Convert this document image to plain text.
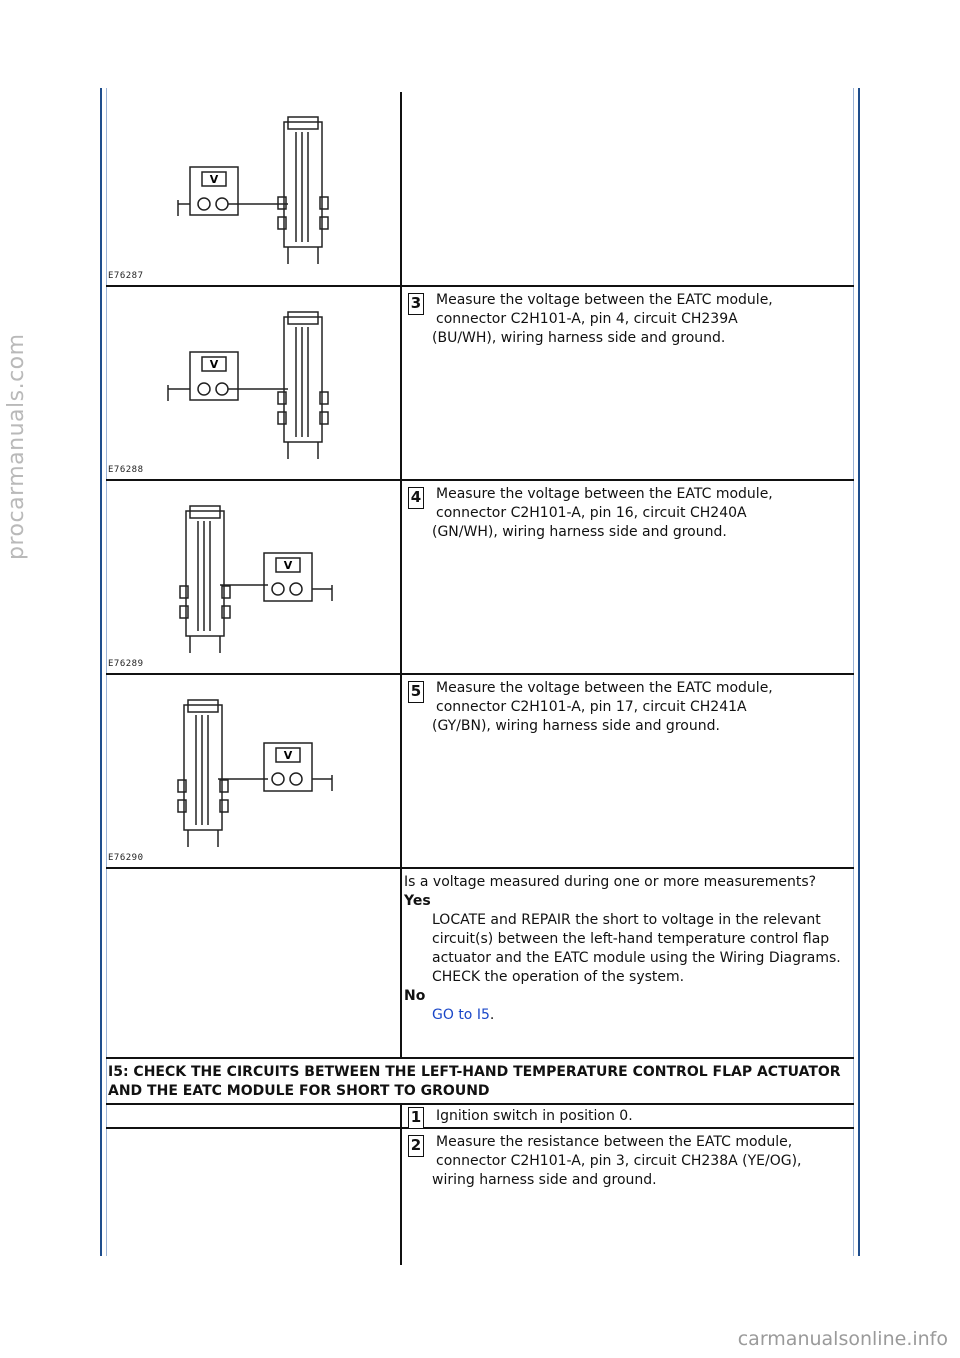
procarmanuals.com
V
E76287
V
E76288
3 Measure the voltage between the EATC module,
connector C2H101-A, pin 4, circuit CH239A
(BU/WH), wiring harness side and ground.
V
E76289
4 Measure the voltage between the EATC module,
connector C2H101-A, pin 16, circuit CH240A
(GN/WH), wiring harness side and ground.
V
E76290
5 Measure the voltage between the EATC module,
connector C2H101-A, pin 17, circuit CH241A
(GY/BN), wiring harness side and ground.
Is a voltage measured during one or more measurements?
Yes
LOCATE and REPAIR the short to voltage in the relevant circuit(s) between the left-hand temperature control flap actuator and the EATC module using the Wiring Diagrams. CHECK the operation of the system.
No
GO to I5.
I5: CHECK THE CIRCUITS BETWEEN THE LEFT-HAND TEMPERATURE CONTROL FLAP ACTUATOR AND THE EATC MODULE FOR SHORT TO GROUND
1 Ignition switch in position 0.
2 Measure the resistance between the EATC module,
connector C2H101-A, pin 3, circuit CH238A (YE/OG),
wiring harness side and ground.
carmanualsonline.info
